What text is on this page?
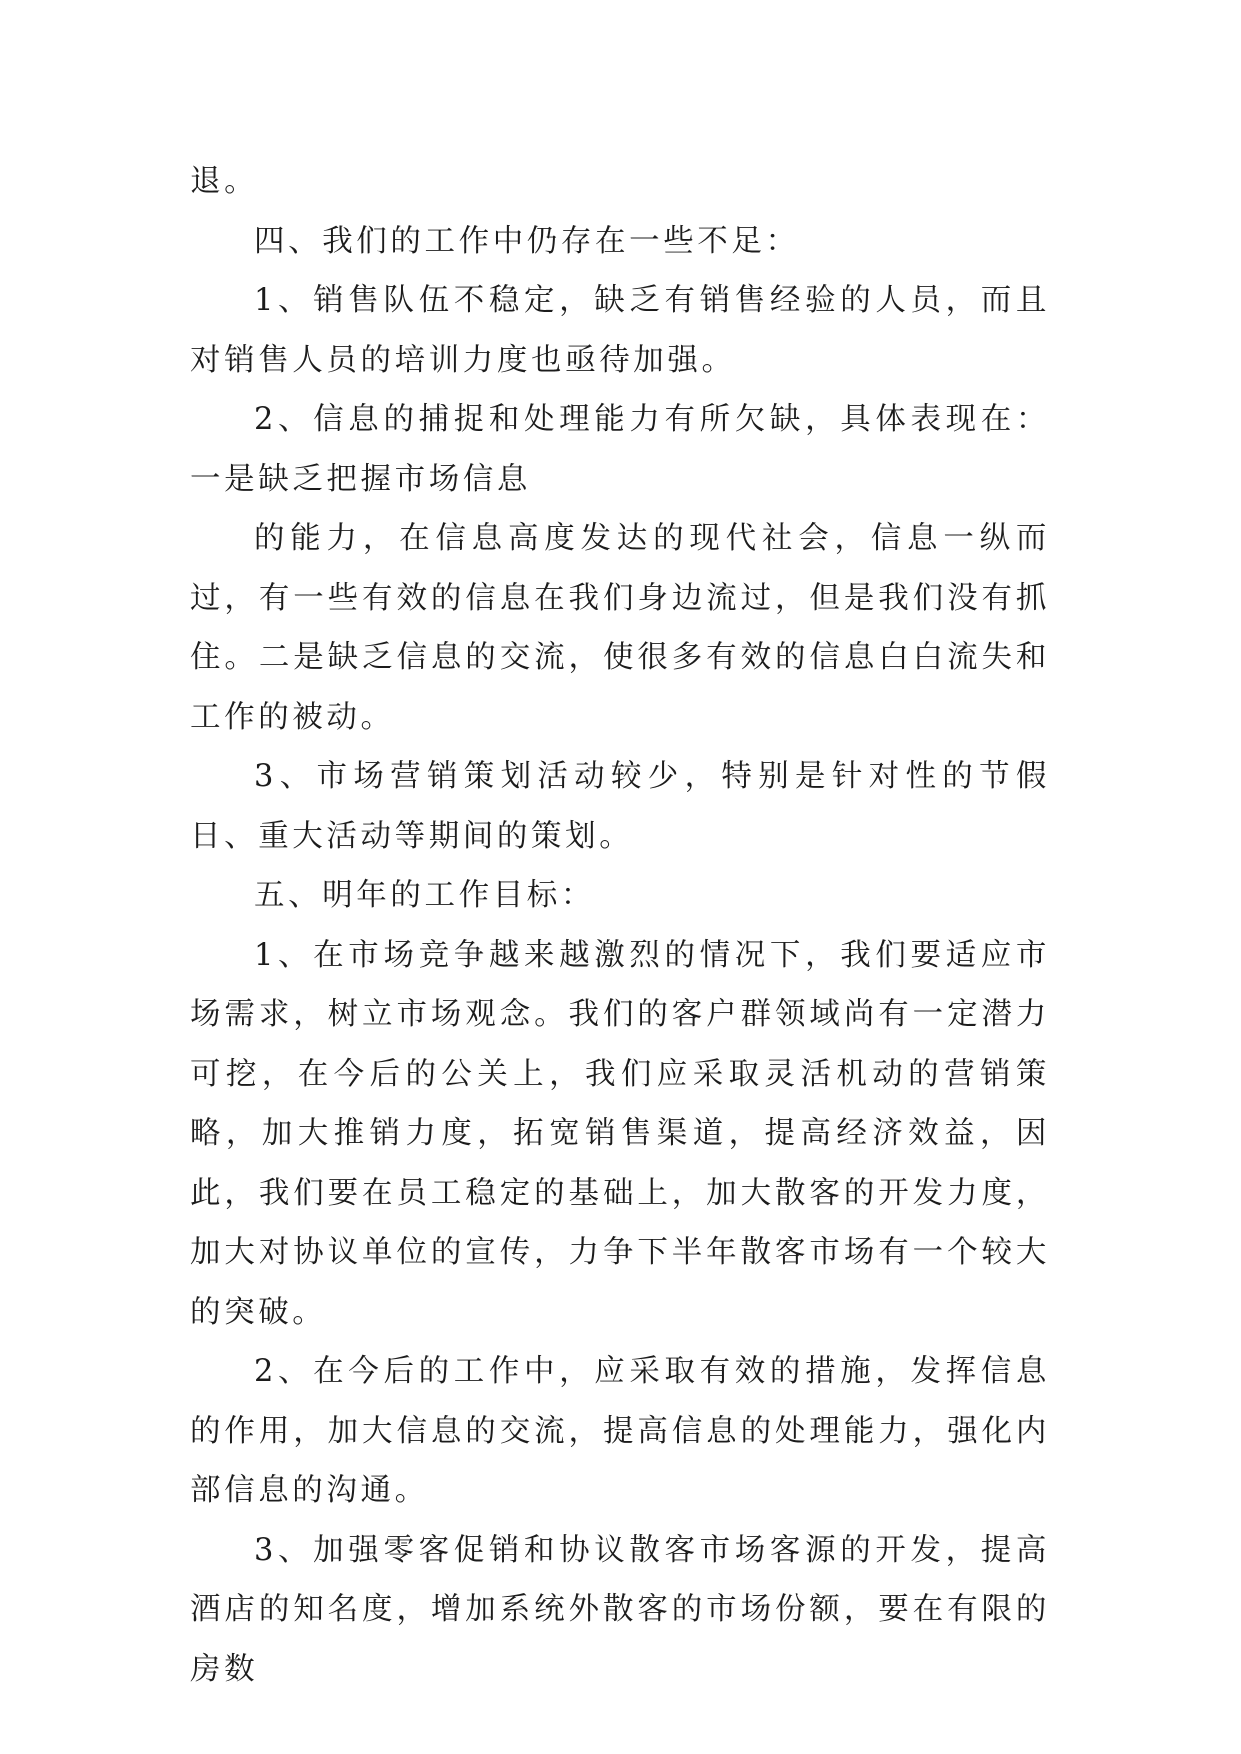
退。

四、我们的工作中仍存在一些不足：

1、销售队伍不稳定，缺乏有销售经验的人员，而且对销售人员的培训力度也亟待加强。

2、信息的捕捉和处理能力有所欠缺，具体表现在：一是缺乏把握市场信息

的能力，在信息高度发达的现代社会，信息一纵而过，有一些有效的信息在我们身边流过，但是我们没有抓住。二是缺乏信息的交流，使很多有效的信息白白流失和工作的被动。

3、市场营销策划活动较少，特别是针对性的节假日、重大活动等期间的策划。

五、明年的工作目标：

1、在市场竞争越来越激烈的情况下，我们要适应市场需求，树立市场观念。我们的客户群领域尚有一定潜力可挖，在今后的公关上，我们应采取灵活机动的营销策略，加大推销力度，拓宽销售渠道，提高经济效益，因此，我们要在员工稳定的基础上，加大散客的开发力度，加大对协议单位的宣传，力争下半年散客市场有一个较大的突破。

2、在今后的工作中，应采取有效的措施，发挥信息的作用，加大信息的交流，提高信息的处理能力，强化内部信息的沟通。

3、加强零客促销和协议散客市场客源的开发，提高酒店的知名度，增加系统外散客的市场份额，要在有限的房数
